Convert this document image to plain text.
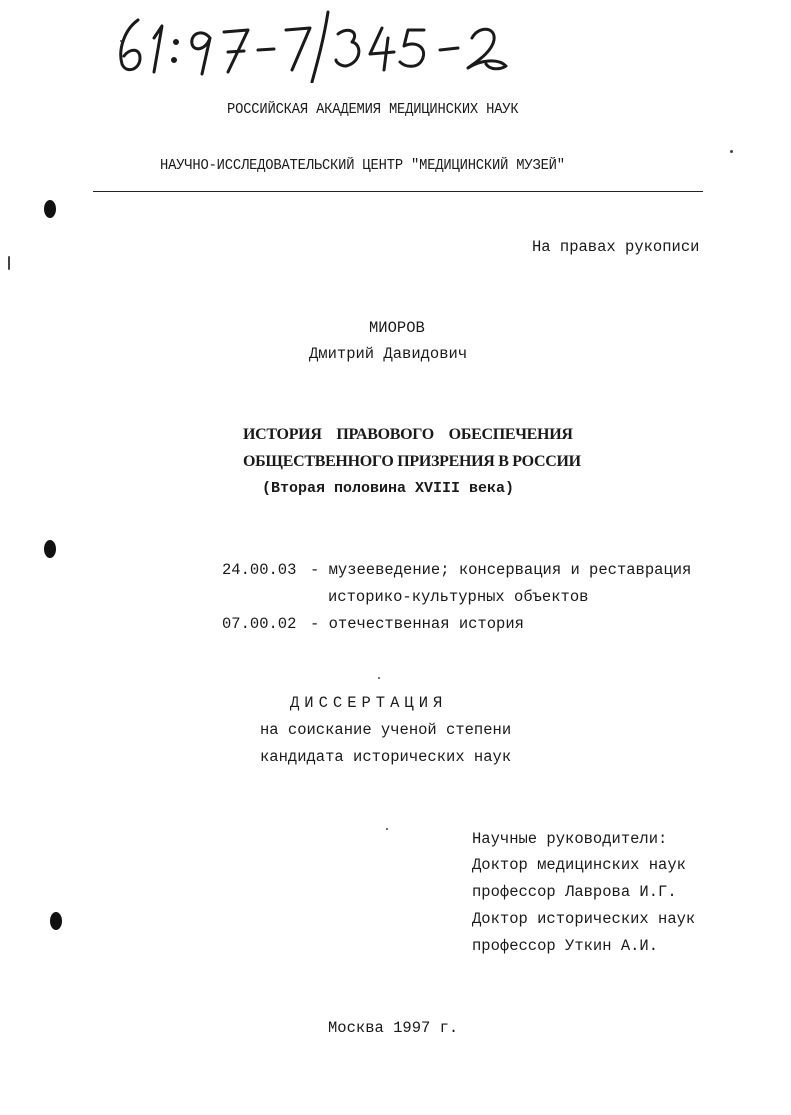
РОССИЙСКАЯ АКАДЕМИЯ МЕДИЦИНСКИХ НАУК
НАУЧНО-ИССЛЕДОВАТЕЛЬСКИЙ ЦЕНТР "МЕДИЦИНСКИЙ МУЗЕЙ"
На правах рукописи
МИОРОВ
Дмитрий Давидович
ИСТОРИЯ    ПРАВОВОГО    ОБЕСПЕЧЕНИЯ
ОБЩЕСТВЕННОГО ПРИЗРЕНИЯ В РОССИИ
(Вторая половина XVIII века)
24.00.03 - музееведение; консервация и реставрация
историко-культурных объектов
07.00.02 - отечественная история
ДИССЕРТАЦИЯ
на соискание ученой степени
кандидата исторических наук
Научные руководители:
Доктор медицинских наук
профессор Лаврова И.Г.
Доктор исторических наук
профессор Уткин А.И.
Москва 1997 г.
